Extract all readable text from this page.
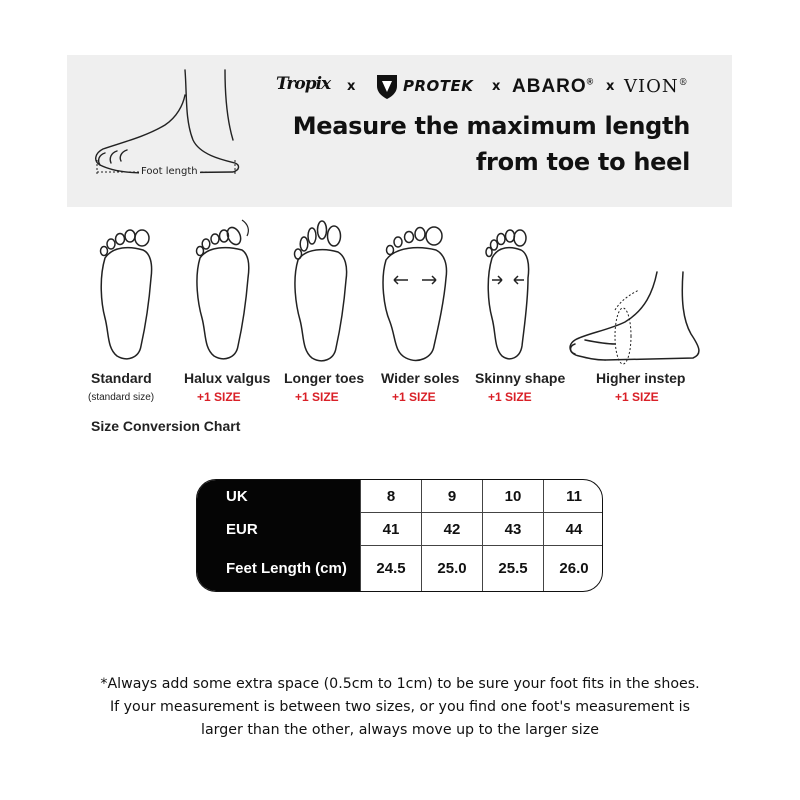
Foot length
Tropix x	PROTEK x ABARO® x VION®
Measure the maximum length
from toe to heel
Standard
(standard size)
Halux valgus
+1 SIZE
Longer toes
+1 SIZE
Wider soles
+1 SIZE
Skinny shape
+1 SIZE
Higher instep
+1 SIZE
Size Conversion Chart
UK	8	9	10	11
EUR	41	42	43	44
Feet Length (cm)	24.5	25.0	25.5	26.0
*Always add some extra space (0.5cm to 1cm) to be sure your foot fits in the shoes.
If your measurement is between two sizes, or you find one foot's measurement is
larger than the other, always move up to the larger size
